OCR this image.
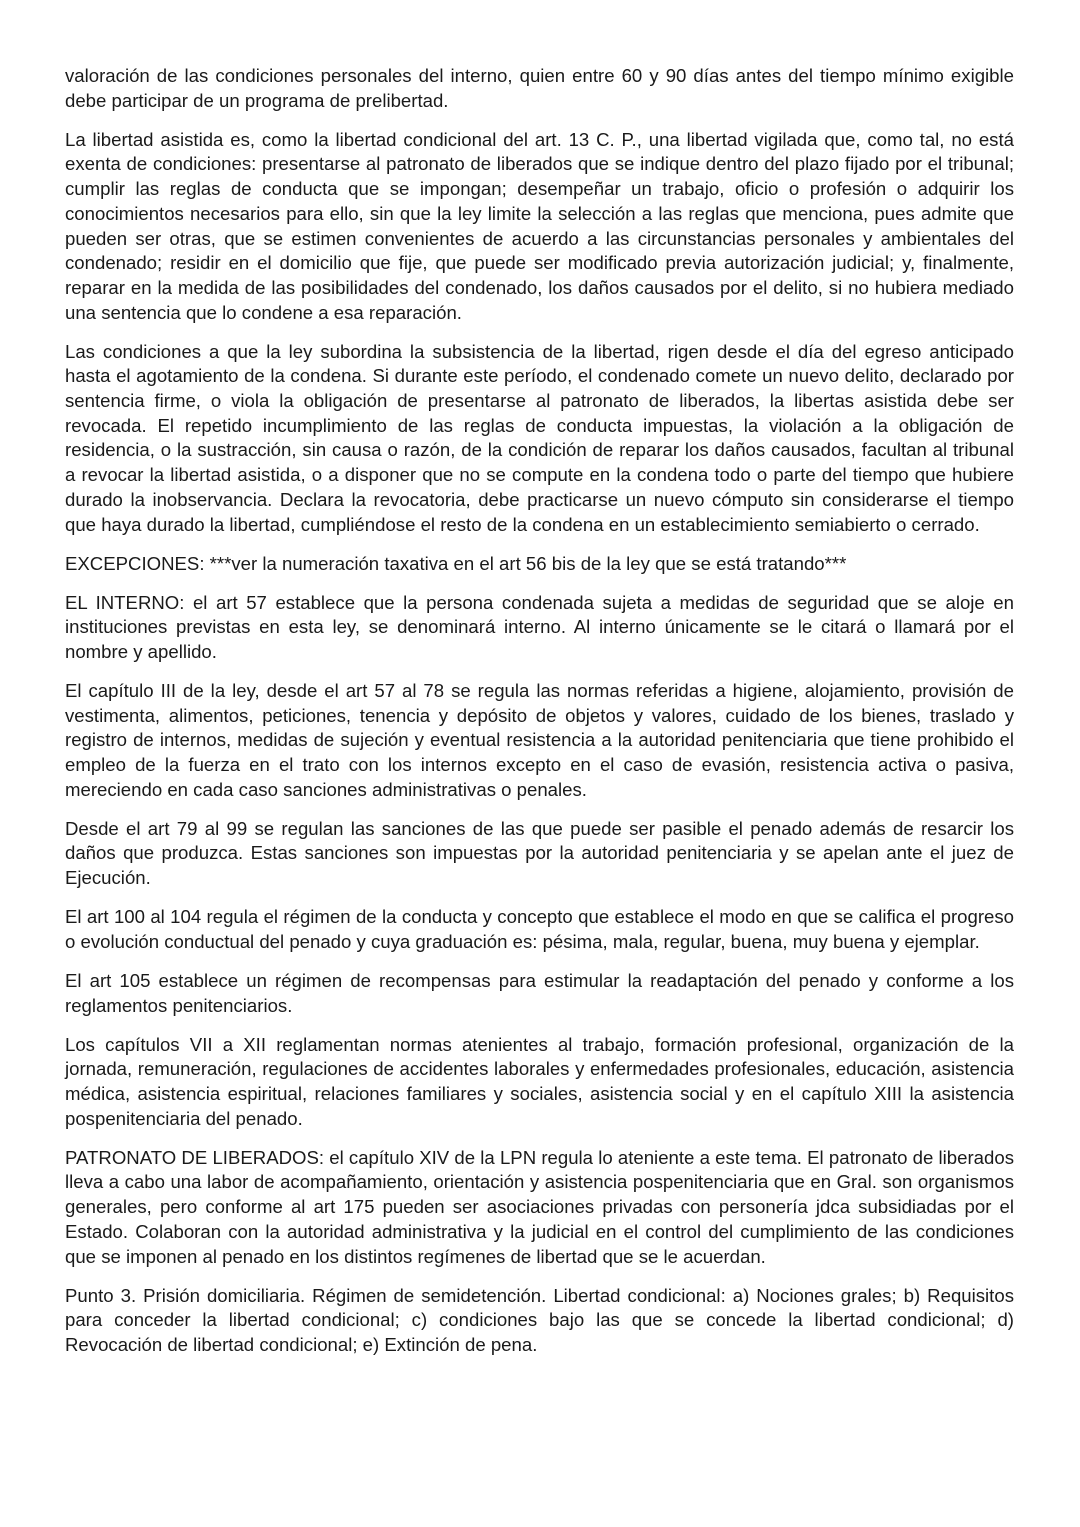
valoración de las condiciones personales del interno, quien entre 60 y 90 días antes del tiempo mínimo exigible debe participar de un programa de prelibertad.

La libertad asistida es, como la libertad condicional del art. 13 C. P., una libertad vigilada que, como tal, no está exenta de condiciones: presentarse al patronato de liberados que se indique dentro del plazo fijado por el tribunal; cumplir las reglas de conducta que se impongan; desempeñar un trabajo, oficio o profesión o adquirir los conocimientos necesarios para ello, sin que la ley limite la selección a las reglas que menciona, pues admite que pueden ser otras, que se estimen convenientes de acuerdo a las circunstancias personales y ambientales del condenado; residir en el domicilio que fije, que puede ser modificado previa autorización judicial; y, finalmente, reparar en la medida de las posibilidades del condenado, los daños causados por el delito, si no hubiera mediado una sentencia que lo condene a esa reparación.

Las condiciones a que la ley subordina la subsistencia de la libertad, rigen desde el día del egreso anticipado hasta el agotamiento de la condena. Si durante este período, el condenado comete un nuevo delito, declarado por sentencia firme, o viola la obligación de presentarse al patronato de liberados, la libertas asistida debe ser revocada. El repetido incumplimiento de las reglas de conducta impuestas, la violación a la obligación de residencia, o la sustracción, sin causa o razón, de la condición de reparar los daños causados, facultan al tribunal a revocar la libertad asistida, o a disponer que no se compute en la condena todo o parte del tiempo que hubiere durado la inobservancia. Declara la revocatoria, debe practicarse un nuevo cómputo sin considerarse el tiempo que haya durado la libertad, cumpliéndose el resto de la condena en un establecimiento semiabierto o cerrado.

EXCEPCIONES: ***ver la numeración taxativa en el art 56 bis de la ley que se está tratando***

EL INTERNO: el art 57 establece que la persona condenada sujeta a medidas de seguridad que se aloje en instituciones previstas en esta ley, se denominará interno. Al interno únicamente se le citará o llamará por el nombre y apellido.

El capítulo III de la ley, desde el art 57 al 78 se regula las normas referidas a higiene, alojamiento, provisión de vestimenta, alimentos, peticiones, tenencia y depósito de objetos y valores, cuidado de los bienes, traslado y registro de internos, medidas de sujeción y eventual resistencia a la autoridad penitenciaria que tiene prohibido el empleo de la fuerza en el trato con los internos excepto en el caso de evasión, resistencia activa o pasiva, mereciendo en cada caso sanciones administrativas o penales.

Desde el art 79 al 99 se regulan las sanciones de las que puede ser pasible el penado además de resarcir los daños que produzca. Estas sanciones son impuestas por la autoridad penitenciaria y se apelan ante el juez de Ejecución.

El art 100 al 104 regula el régimen de la conducta y concepto que establece el modo en que se califica el progreso o evolución conductual del penado y cuya graduación es: pésima, mala, regular, buena, muy buena y ejemplar.

El art 105 establece un régimen de recompensas para estimular la readaptación del penado y conforme a los reglamentos penitenciarios.

Los capítulos VII a XII reglamentan normas atenientes al trabajo, formación profesional, organización de la jornada, remuneración, regulaciones de accidentes laborales y enfermedades profesionales, educación, asistencia médica, asistencia espiritual, relaciones familiares y sociales, asistencia social y en el capítulo XIII la asistencia pospenitenciaria del penado.

PATRONATO DE LIBERADOS: el capítulo XIV de la LPN regula lo ateniente a este tema. El patronato de liberados lleva a cabo una labor de acompañamiento, orientación y asistencia pospenitenciaria que en Gral. son organismos generales, pero conforme al art 175 pueden ser asociaciones privadas con personería jdca subsidiadas por el Estado. Colaboran con la autoridad administrativa y la judicial en el control del cumplimiento de las condiciones que se imponen al penado en los distintos regímenes de libertad que se le acuerdan.

Punto 3. Prisión domiciliaria. Régimen de semidetención. Libertad condicional: a) Nociones grales; b) Requisitos para conceder la libertad condicional; c) condiciones bajo las que se concede la libertad condicional; d) Revocación de libertad condicional; e) Extinción de pena.
